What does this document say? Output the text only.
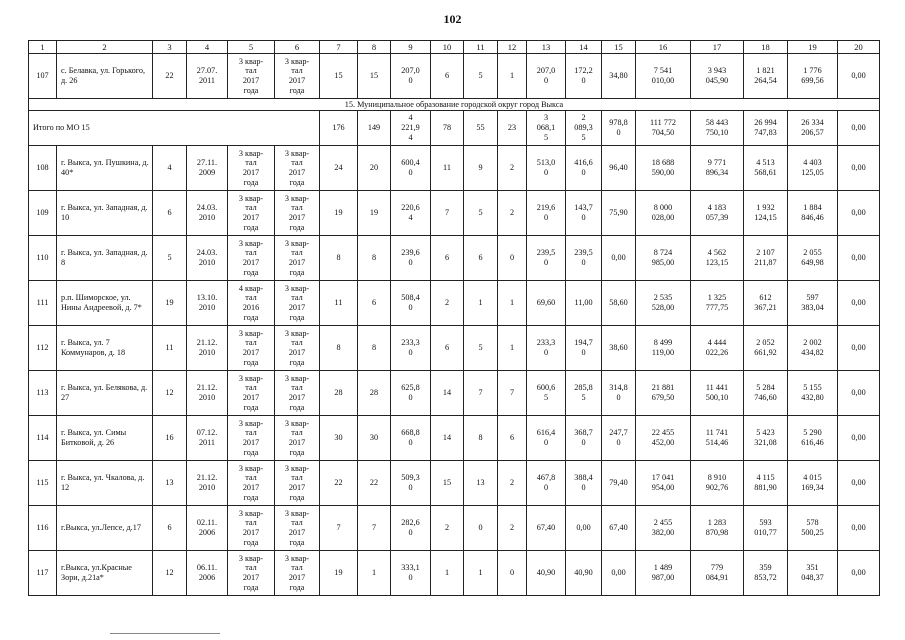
102
1	2	3	4	5	6	7	8	9	10	11	12	13	14	15	16	17	18	19	20
107	с. Белавка, ул. Горького, д. 26	22	27.07.
2011	3 квар-
тал
2017
года	3 квар-
тал
2017
года	15	15	207,0
0	6	5	1	207,0
0	172,2
0	34,80	7 541
010,00	3 943
045,90	1 821
264,54	1 776
699,56	0,00
15. Муниципальное образование городской округ город Выкса																			
Итого по МО 15						176	149	4
221,9
4	78	55	23	3
068,1
5	2
089,3
5	978,8
0	111 772
704,50	58 443
750,10	26 994
747,83	26 334
206,57	0,00
108	г. Выкса, ул. Пушкина, д. 40*	4	27.11.
2009	3 квар-
тал
2017
года	3 квар-
тал
2017
года	24	20	600,4
0	11	9	2	513,0
0	416,6
0	96,40	18 688
590,00	9 771
896,34	4 513
568,61	4 403
125,05	0,00
109	г. Выкса, ул. Западная, д. 10	6	24.03.
2010	3 квар-
тал
2017
года	3 квар-
тал
2017
года	19	19	220,6
4	7	5	2	219,6
0	143,7
0	75,90	8 000
028,00	4 183
057,39	1 932
124,15	1 884
846,46	0,00
110	г. Выкса, ул. Западная, д. 8	5	24.03.
2010	3 квар-
тал
2017
года	3 квар-
тал
2017
года	8	8	239,6
0	6	6	0	239,5
0	239,5
0	0,00	8 724
985,00	4 562
123,15	2 107
211,87	2 055
649,98	0,00
111	р.п. Шиморское, ул. Нины Андреевой, д. 7*	19	13.10.
2010	4 квар-
тал
2016
года	3 квар-
тал
2017
года	11	6	508,4
0	2	1	1	69,60	11,00	58,60	2 535
528,00	1 325
777,75	612
367,21	597
383,04	0,00
112	г. Выкса, ул. 7 Коммунаров, д. 18	11	21.12.
2010	3 квар-
тал
2017
года	3 квар-
тал
2017
года	8	8	233,3
0	6	5	1	233,3
0	194,7
0	38,60	8 499
119,00	4 444
022,26	2 052
661,92	2 002
434,82	0,00
113	г. Выкса, ул. Белякова, д. 27	12	21.12.
2010	3 квар-
тал
2017
года	3 квар-
тал
2017
года	28	28	625,8
0	14	7	7	600,6
5	285,8
5	314,8
0	21 881
679,50	11 441
500,10	5 284
746,60	5 155
432,80	0,00
114	г. Выкса, ул. Симы Битковой, д. 26	16	07.12.
2011	3 квар-
тал
2017
года	3 квар-
тал
2017
года	30	30	668,8
0	14	8	6	616,4
0	368,7
0	247,7
0	22 455
452,00	11 741
514,46	5 423
321,08	5 290
616,46	0,00
115	г. Выкса, ул. Чкалова, д. 12	13	21.12.
2010	3 квар-
тал
2017
года	3 квар-
тал
2017
года	22	22	509,3
0	15	13	2	467,8
0	388,4
0	79,40	17 041
954,00	8 910
902,76	4 115
881,90	4 015
169,34	0,00
116	г.Выкса, ул.Лепсе, д.17	6	02.11.
2006	3 квар-
тал
2017
года	3 квар-
тал
2017
года	7	7	282,6
0	2	0	2	67,40	0,00	67,40	2 455
382,00	1 283
870,98	593
010,77	578
500,25	0,00
117	г.Выкса, ул.Красные Зори, д.21а*	12	06.11.
2006	3 квар-
тал
2017
года	3 квар-
тал
2017
года	19	1	333,1
0	1	1	0	40,90	40,90	0,00	1 489
987,00	779
084,91	359
853,72	351
048,37	0,00
